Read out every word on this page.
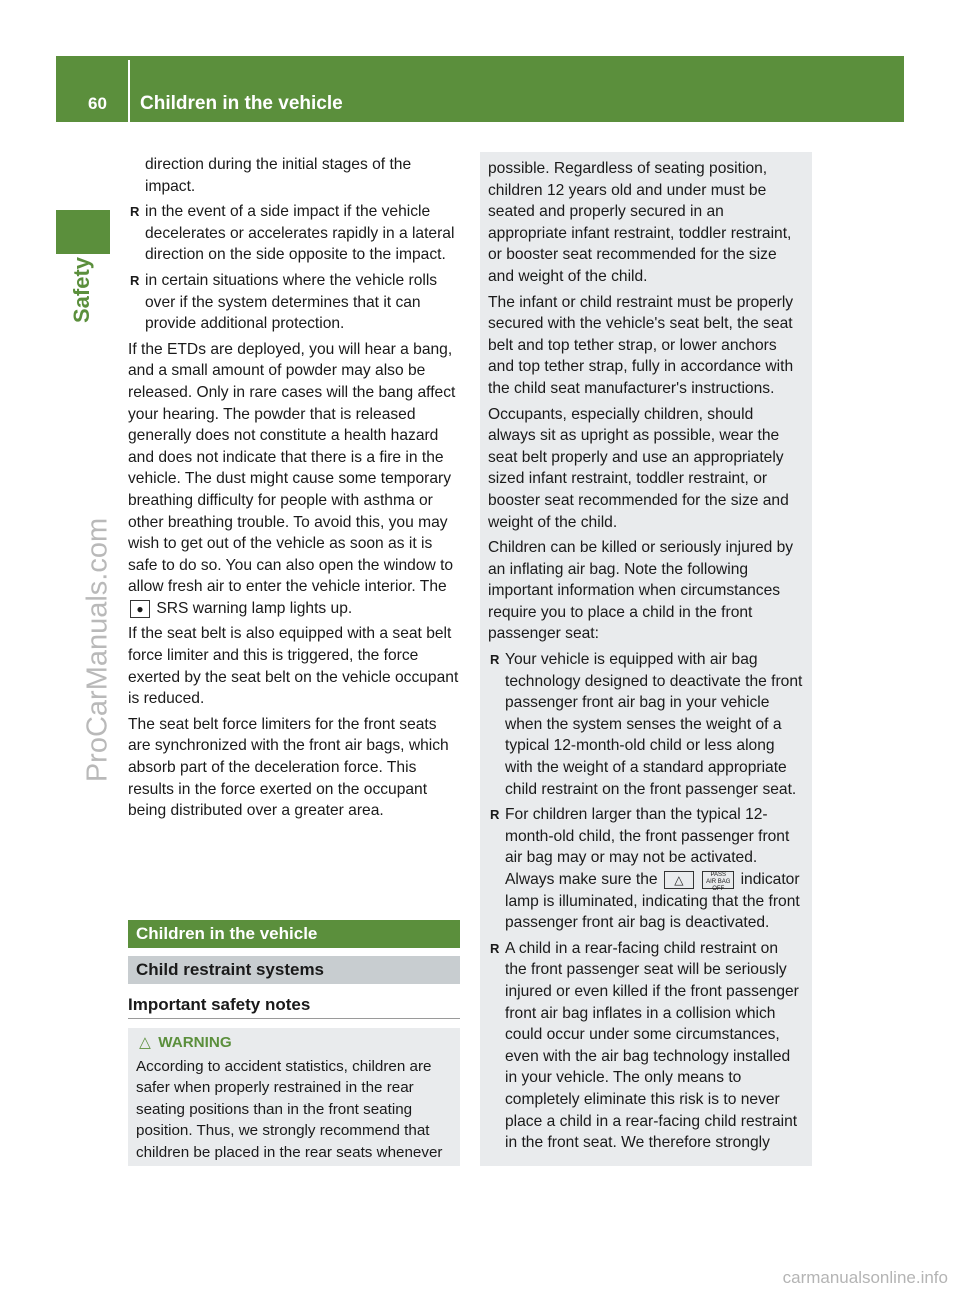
60 Children in the vehicle
Safety
ProCarManuals.com
carmanualsonline.info

direction during the initial stages of the impact.

R in the event of a side impact if the vehicle decelerates or accelerates rapidly in a lateral direction on the side opposite to the impact.

R in certain situations where the vehicle rolls over if the system determines that it can provide additional protection.

If the ETDs are deployed, you will hear a bang, and a small amount of powder may also be released. Only in rare cases will the bang affect your hearing. The powder that is released generally does not constitute a health hazard and does not indicate that there is a fire in the vehicle. The dust might cause some temporary breathing difficulty for people with asthma or other breathing trouble. To avoid this, you may wish to get out of the vehicle as soon as it is safe to do so. You can also open the window to allow fresh air to enter the vehicle interior. The ● SRS warning lamp lights up.

If the seat belt is also equipped with a seat belt force limiter and this is triggered, the force exerted by the seat belt on the vehicle occupant is reduced.

The seat belt force limiters for the front seats are synchronized with the front air bags, which absorb part of the deceleration force. This results in the force exerted on the occupant being distributed over a greater area.

Children in the vehicle
Child restraint systems
Important safety notes
△ WARNING
According to accident statistics, children are safer when properly restrained in the rear seating positions than in the front seating position. Thus, we strongly recommend that children be placed in the rear seats whenever

possible. Regardless of seating position, children 12 years old and under must be seated and properly secured in an appropriate infant restraint, toddler restraint, or booster seat recommended for the size and weight of the child.

The infant or child restraint must be properly secured with the vehicle's seat belt, the seat belt and top tether strap, or lower anchors and top tether strap, fully in accordance with the child seat manufacturer's instructions.

Occupants, especially children, should always sit as upright as possible, wear the seat belt properly and use an appropriately sized infant restraint, toddler restraint, or booster seat recommended for the size and weight of the child.

Children can be killed or seriously injured by an inflating air bag. Note the following important information when circumstances require you to place a child in the front passenger seat:

R Your vehicle is equipped with air bag technology designed to deactivate the front passenger front air bag in your vehicle when the system senses the weight of a typical 12-month-old child or less along with the weight of a standard appropriate child restraint on the front passenger seat.

R For children larger than the typical 12-month-old child, the front passenger front air bag may or may not be activated. Always make sure the △	PASS
AIR BAG OFF indicator lamp is illuminated, indicating that the front passenger front air bag is deactivated.

R A child in a rear-facing child restraint on the front passenger seat will be seriously injured or even killed if the front passenger front air bag inflates in a collision which could occur under some circumstances, even with the air bag technology installed in your vehicle. The only means to completely eliminate this risk is to never place a child in a rear-facing child restraint in the front seat. We therefore strongly
